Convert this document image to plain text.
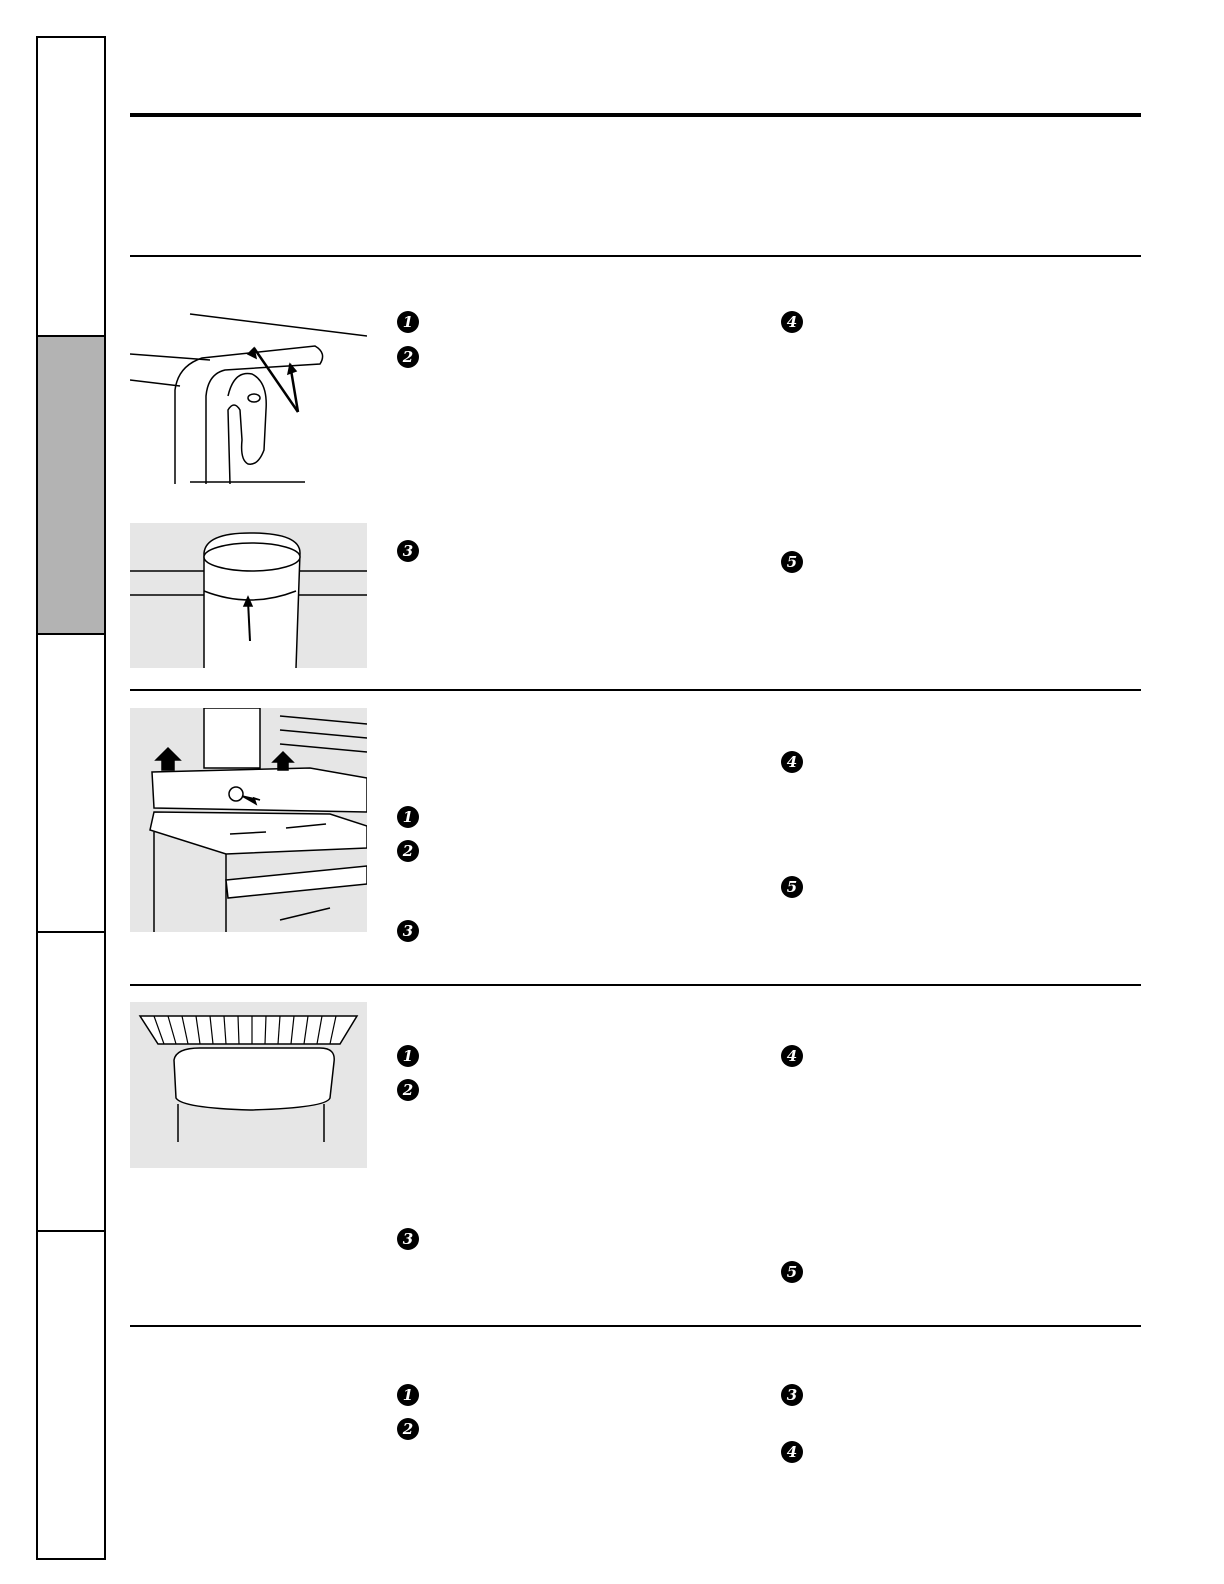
1
2
3
4
5
1
2
3
4
5
1
2
3
4
5
1
2
3
4
